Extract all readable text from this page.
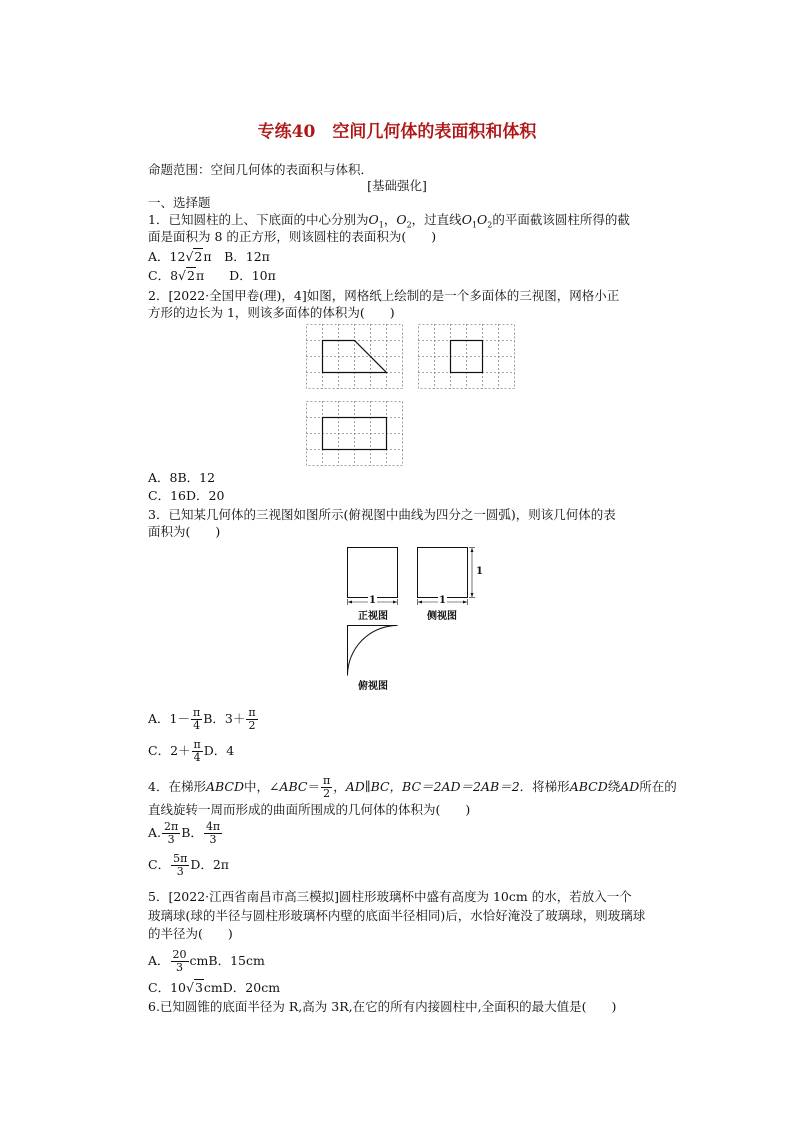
专练40　空间几何体的表面积和体积
命题范围：空间几何体的表面积与体积．
[基础强化]
一、选择题
1．已知圆柱的上、下底面的中心分别为$O_1$，$O_2$，过直线$O_1O_2$的平面截该圆柱所得的截
面是面积为 8 的正方形，则该圆柱的表面积为(　　)
A．12√2π　B．12π
C．8√2π　　D．10π
2．[2022·全国甲卷(理)，4]如图，网格纸上绘制的是一个多面体的三视图，网格小正
方形的边长为 1，则该多面体的体积为(　　)
A．8B．12
C．16D．20
3．已知某几何体的三视图如图所示(俯视图中曲线为四分之一圆弧)，则该几何体的表
面积为(　　)
1
正视图
1
1
侧视图
俯视图
A．$1- \frac{\pi}{4}$ B．$3+ \frac{\pi}{2}$
C．$2+ \frac{\pi}{4}$ D．4
4．在梯形ABCD中，∠ABC＝ $\frac{\pi}{2}$ ，AD∥BC，BC＝2AD＝2AB＝2．将梯形ABCD绕AD所在的
直线旋转一周而形成的曲面所围成的几何体的体积为(　　)
A. $\frac{2\pi}{3}$ B． $\frac{4\pi}{3}$
C． $\frac{5\pi}{3}$ D．2π
5．[2022·江西省南昌市高三模拟]圆柱形玻璃杯中盛有高度为 10cm 的水，若放入一个
玻璃球(球的半径与圆柱形玻璃杯内壁的底面半径相同)后，水恰好淹没了玻璃球，则玻璃球
的半径为(　　)
A． $\frac{20}{3}$ cmB．15cm
C．10√3cmD．20cm
6.已知圆锥的底面半径为 R,高为 3R,在它的所有内接圆柱中,全面积的最大值是(　　)
